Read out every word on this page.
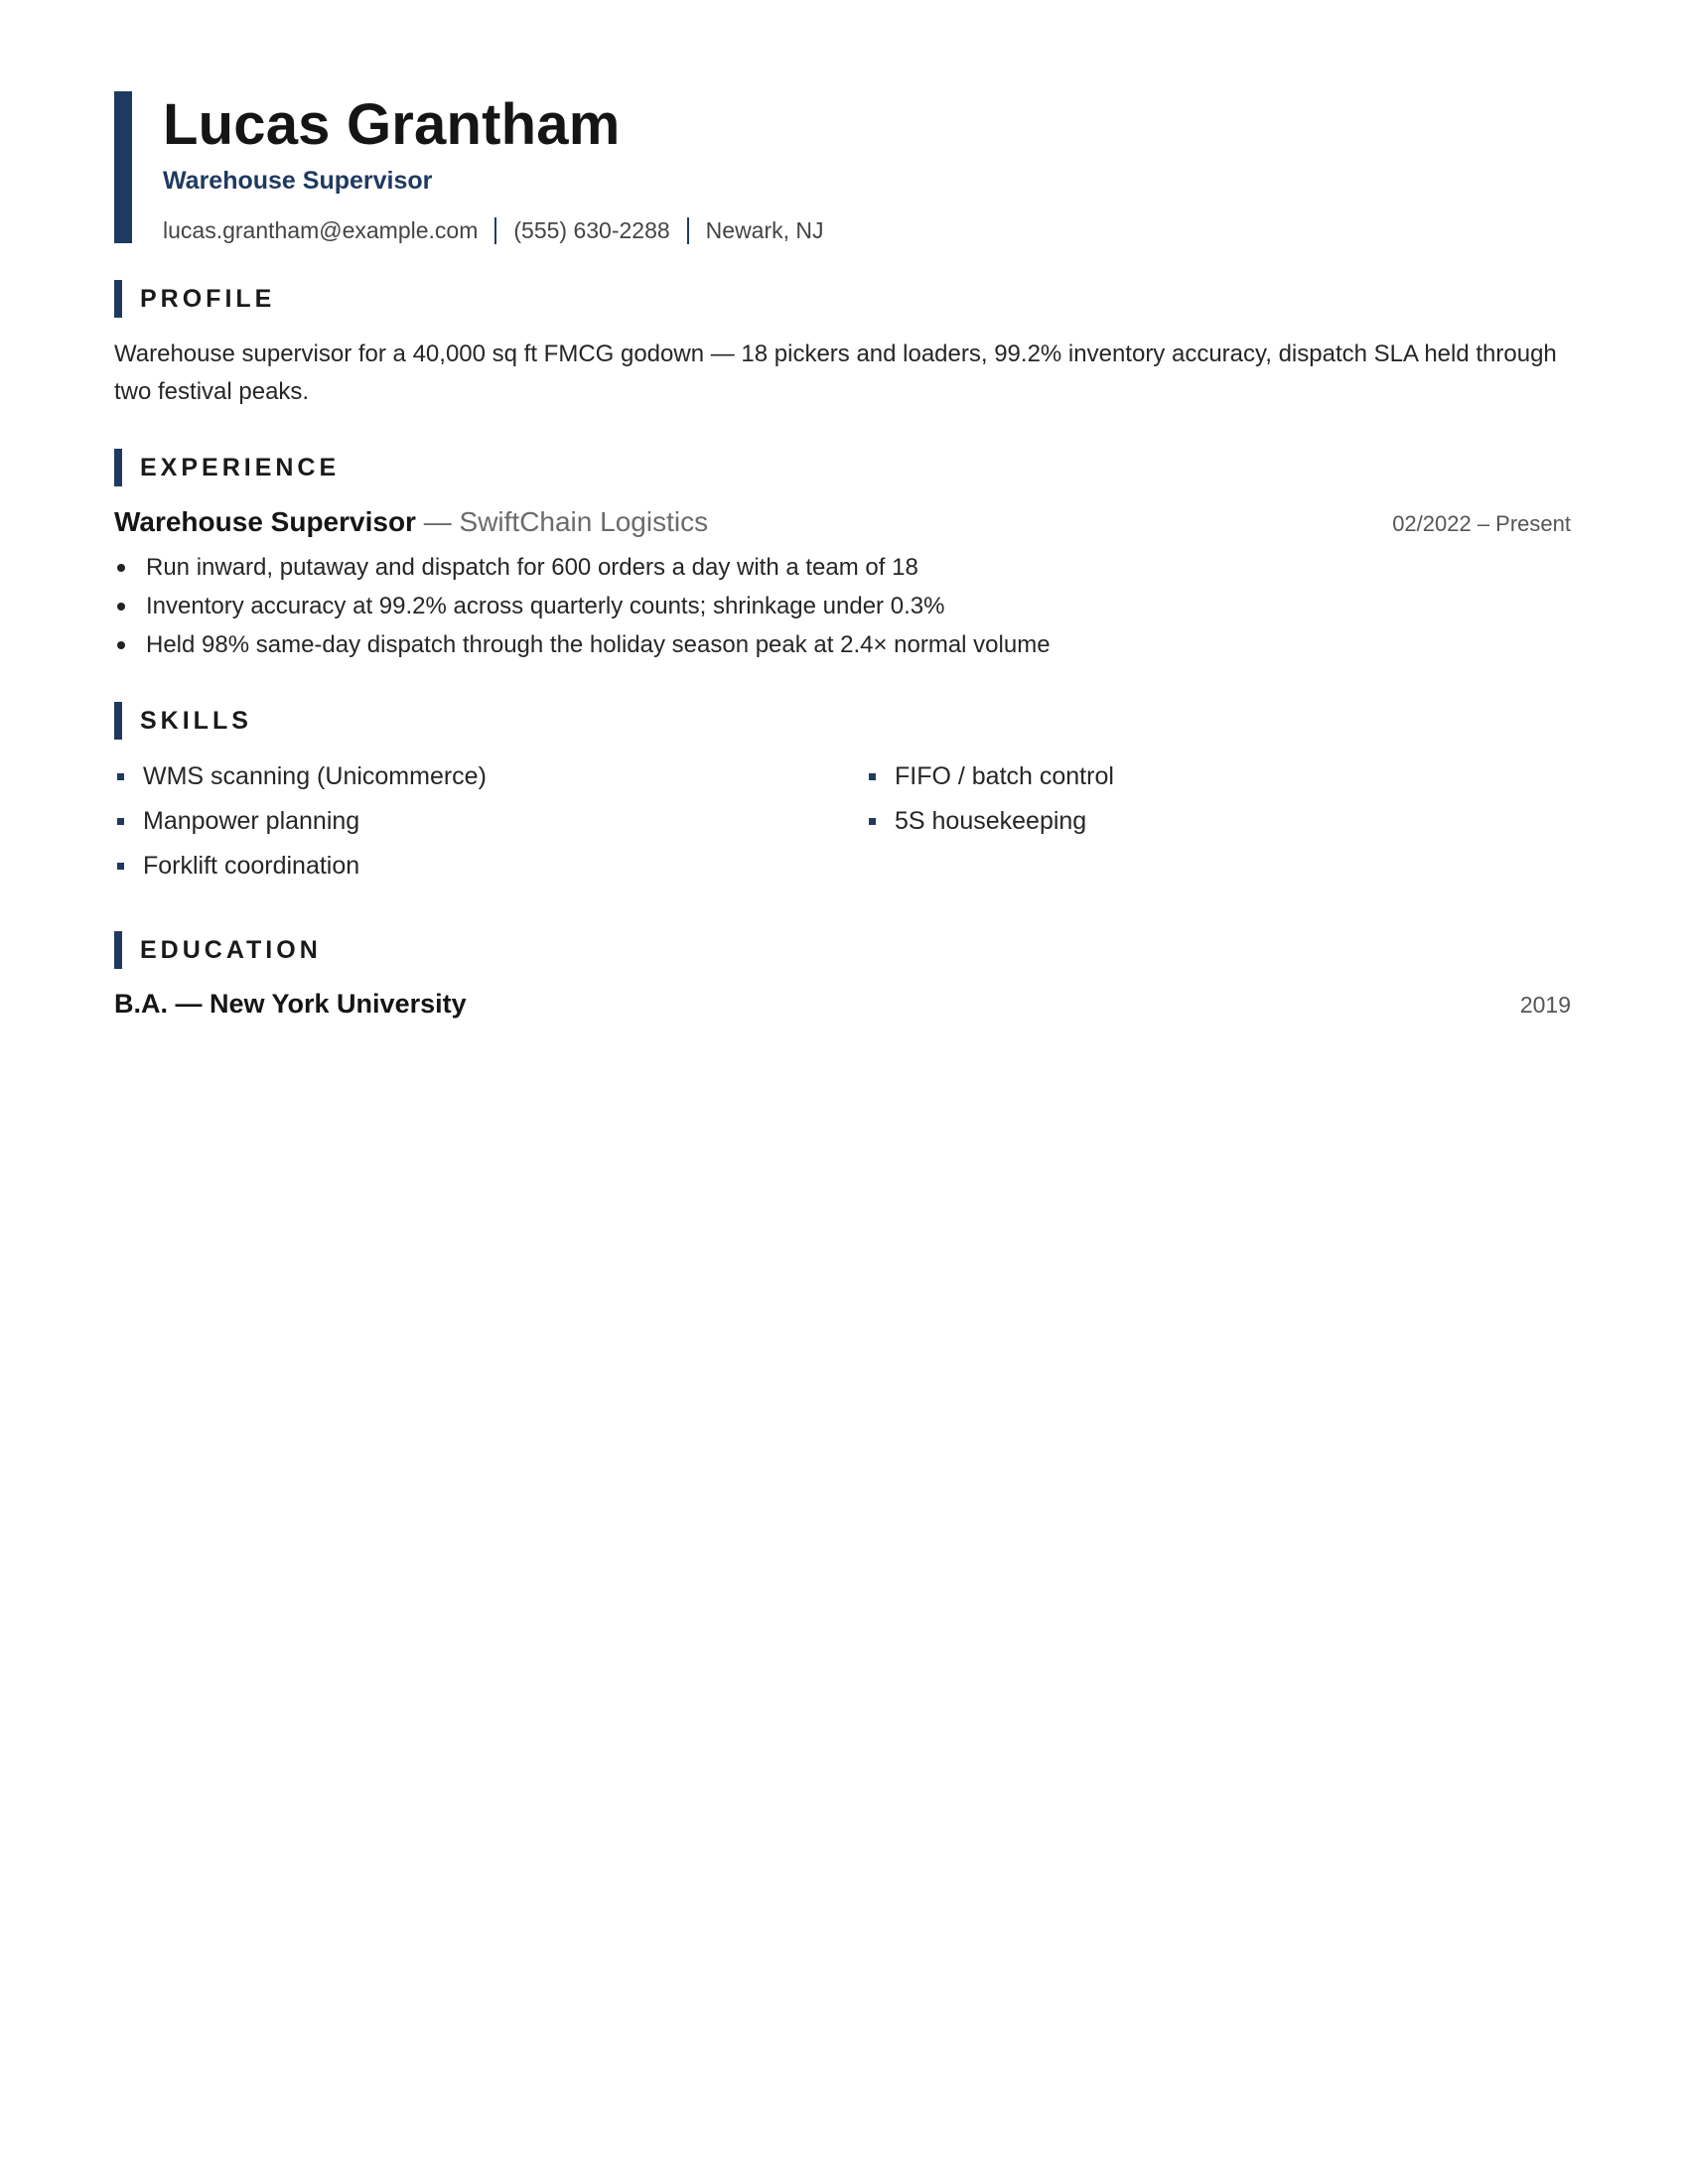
Lucas Grantham
Warehouse Supervisor
lucas.grantham@example.com (555) 630-2288 Newark, NJ
PROFILE

Warehouse supervisor for a 40,000 sq ft FMCG godown — 18 pickers and loaders, 99.2% inventory accuracy, dispatch SLA held through two festival peaks.

EXPERIENCE
Warehouse Supervisor — SwiftChain Logistics	02/2022 – Present
Run inward, putaway and dispatch for 600 orders a day with a team of 18
Inventory accuracy at 99.2% across quarterly counts; shrinkage under 0.3%
Held 98% same-day dispatch through the holiday season peak at 2.4× normal volume
SKILLS
WMS scanning (Unicommerce)	FIFO / batch control
Manpower planning	5S housekeeping
Forklift coordination
EDUCATION
B.A. — New York University	2019
